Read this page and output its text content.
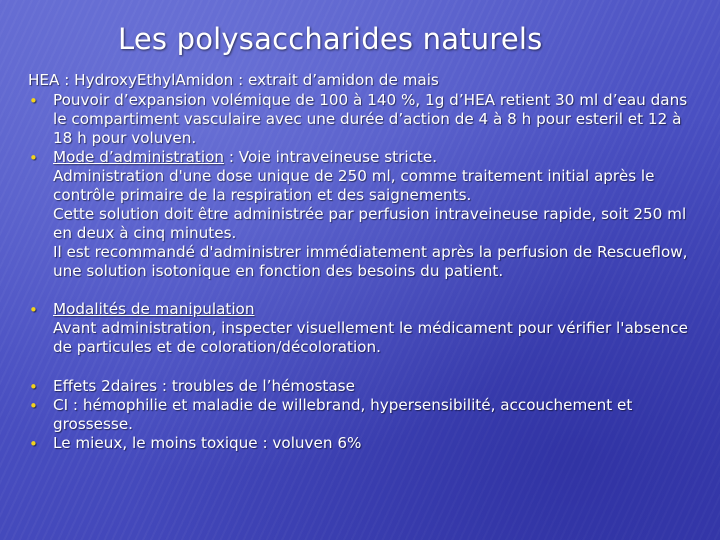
Les polysaccharides naturels

HEA : HydroxyEthylAmidon : extrait d’amidon de mais

• Pouvoir d’expansion volémique de 100 à 140 %, 1g d’HEA retient 30 ml d’eau dans le compartiment vasculaire avec une durée d’action de 4 à 8 h pour esteril et 12 à 18 h pour voluven.

• Mode d’administration : Voie intraveineuse stricte.

Administration d'une dose unique de 250 ml, comme traitement initial après le contrôle primaire de la respiration et des saignements.

Cette solution doit être administrée par perfusion intraveineuse rapide, soit 250 ml en deux à cinq minutes.

Il est recommandé d'administrer immédiatement après la perfusion de Rescueflow, une solution isotonique en fonction des besoins du patient.

• Modalités de manipulation

Avant administration, inspecter visuellement le médicament pour vérifier l'absence de particules et de coloration/décoloration.

• Effets 2daires : troubles de l’hémostase

• CI : hémophilie et maladie de willebrand, hypersensibilité, accouchement et grossesse.

• Le mieux, le moins toxique : voluven 6%
